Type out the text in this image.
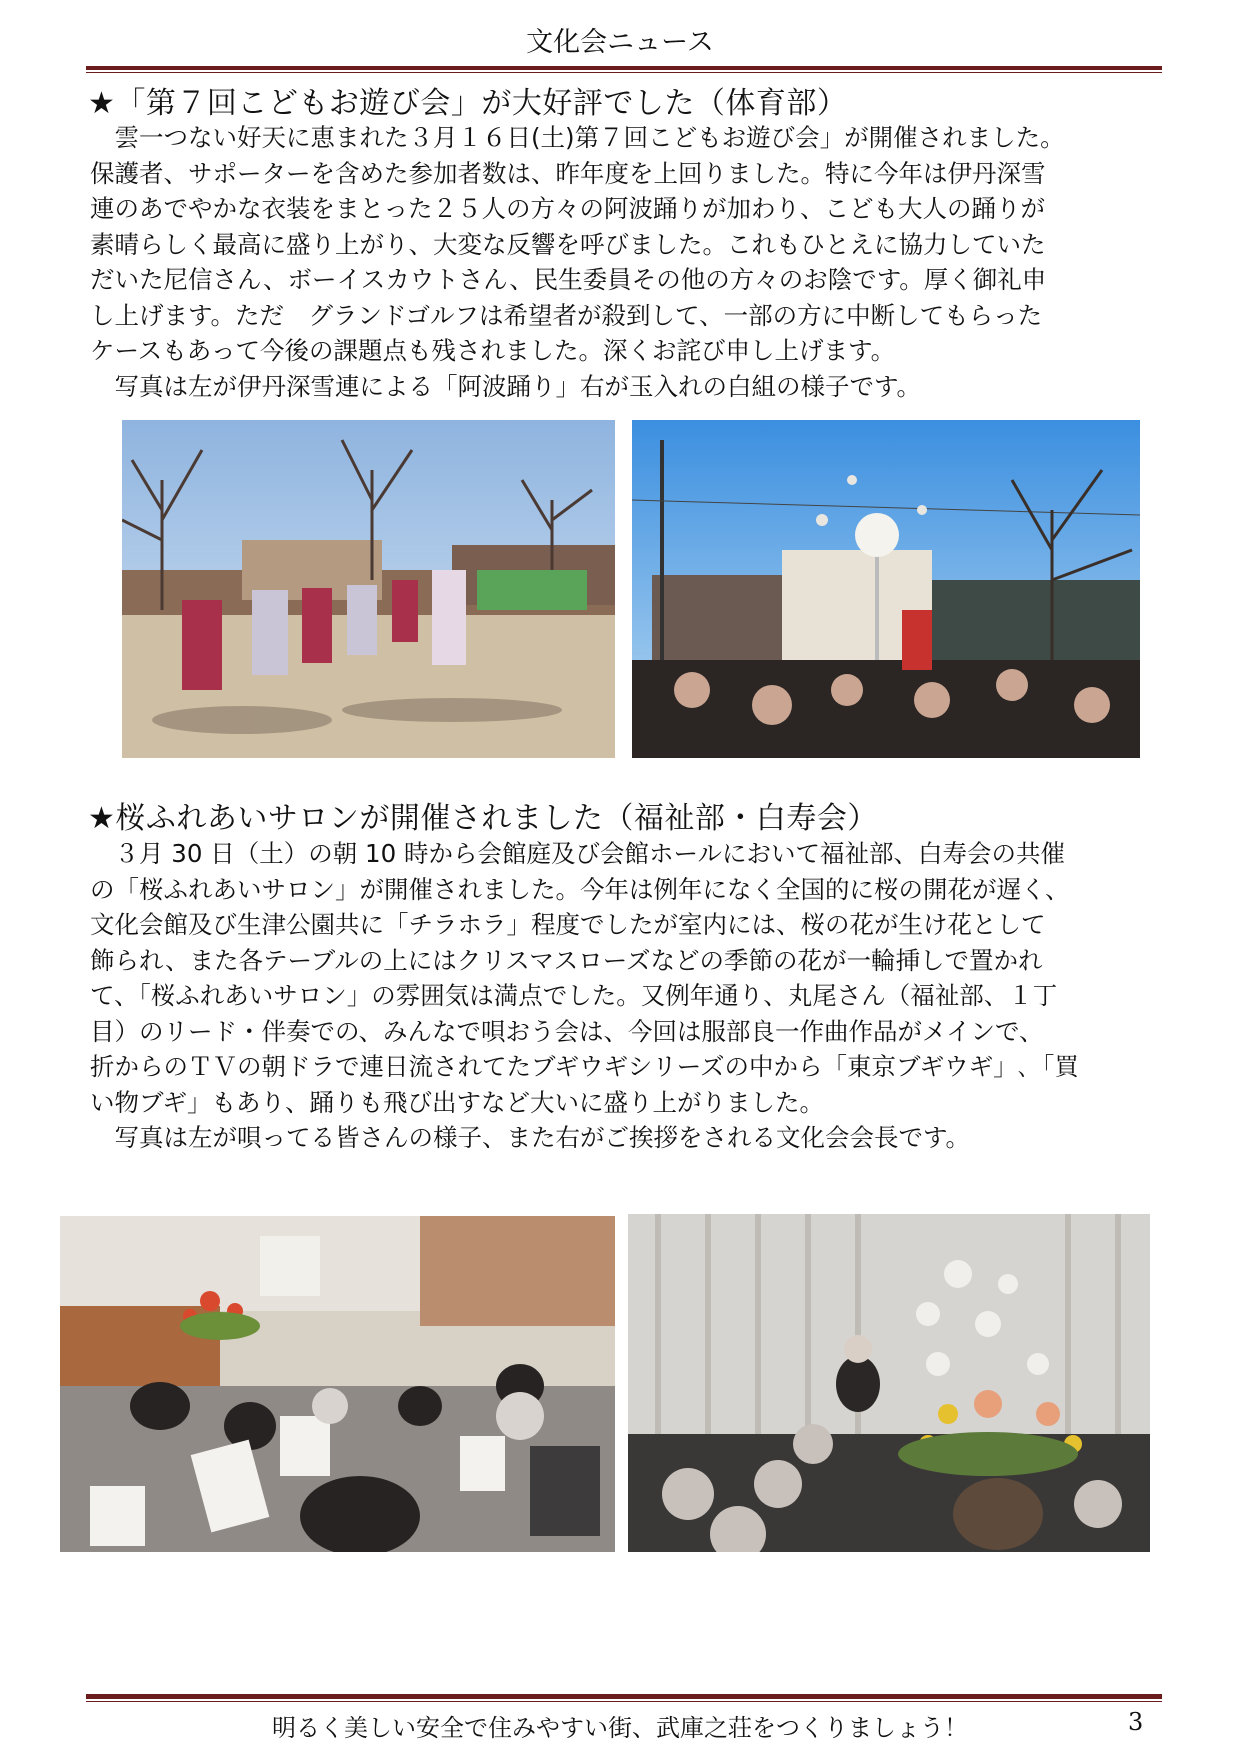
文化会ニュース
★「第７回こどもお遊び会」が大好評でした（体育部）

　雲一つない好天に恵まれた３月１６日(土)第７回こどもお遊び会」が開催されました。

保護者、サポーターを含めた参加者数は、昨年度を上回りました。特に今年は伊丹深雪

連のあでやかな衣装をまとった２５人の方々の阿波踊りが加わり、こども大人の踊りが

素晴らしく最高に盛り上がり、大変な反響を呼びました。これもひとえに協力していた

だいた尼信さん、ボーイスカウトさん、民生委員その他の方々のお陰です。厚く御礼申

し上げます。ただ　グランドゴルフは希望者が殺到して、一部の方に中断してもらった

ケースもあって今後の課題点も残されました。深くお詫び申し上げます。

　写真は左が伊丹深雪連による「阿波踊り」右が玉入れの白組の様子です。

★桜ふれあいサロンが開催されました（福祉部・白寿会）

　３月 30 日（土）の朝 10 時から会館庭及び会館ホールにおいて福祉部、白寿会の共催

の「桜ふれあいサロン」が開催されました。今年は例年になく全国的に桜の開花が遅く、

文化会館及び生津公園共に「チラホラ」程度でしたが室内には、桜の花が生け花として

飾られ、また各テーブルの上にはクリスマスローズなどの季節の花が一輪挿しで置かれ

て、「桜ふれあいサロン」の雰囲気は満点でした。又例年通り、丸尾さん（福祉部、１丁

目）のリード・伴奏での、みんなで唄おう会は、今回は服部良一作曲作品がメインで、

折からのＴＶの朝ドラで連日流されてたブギウギシリーズの中から「東京ブギウギ」､「買

い物ブギ」もあり、踊りも飛び出すなど大いに盛り上がりました。

　写真は左が唄ってる皆さんの様子、また右がご挨拶をされる文化会会長です。

明るく美しい安全で住みやすい街、武庫之荘をつくりましょう！	3
